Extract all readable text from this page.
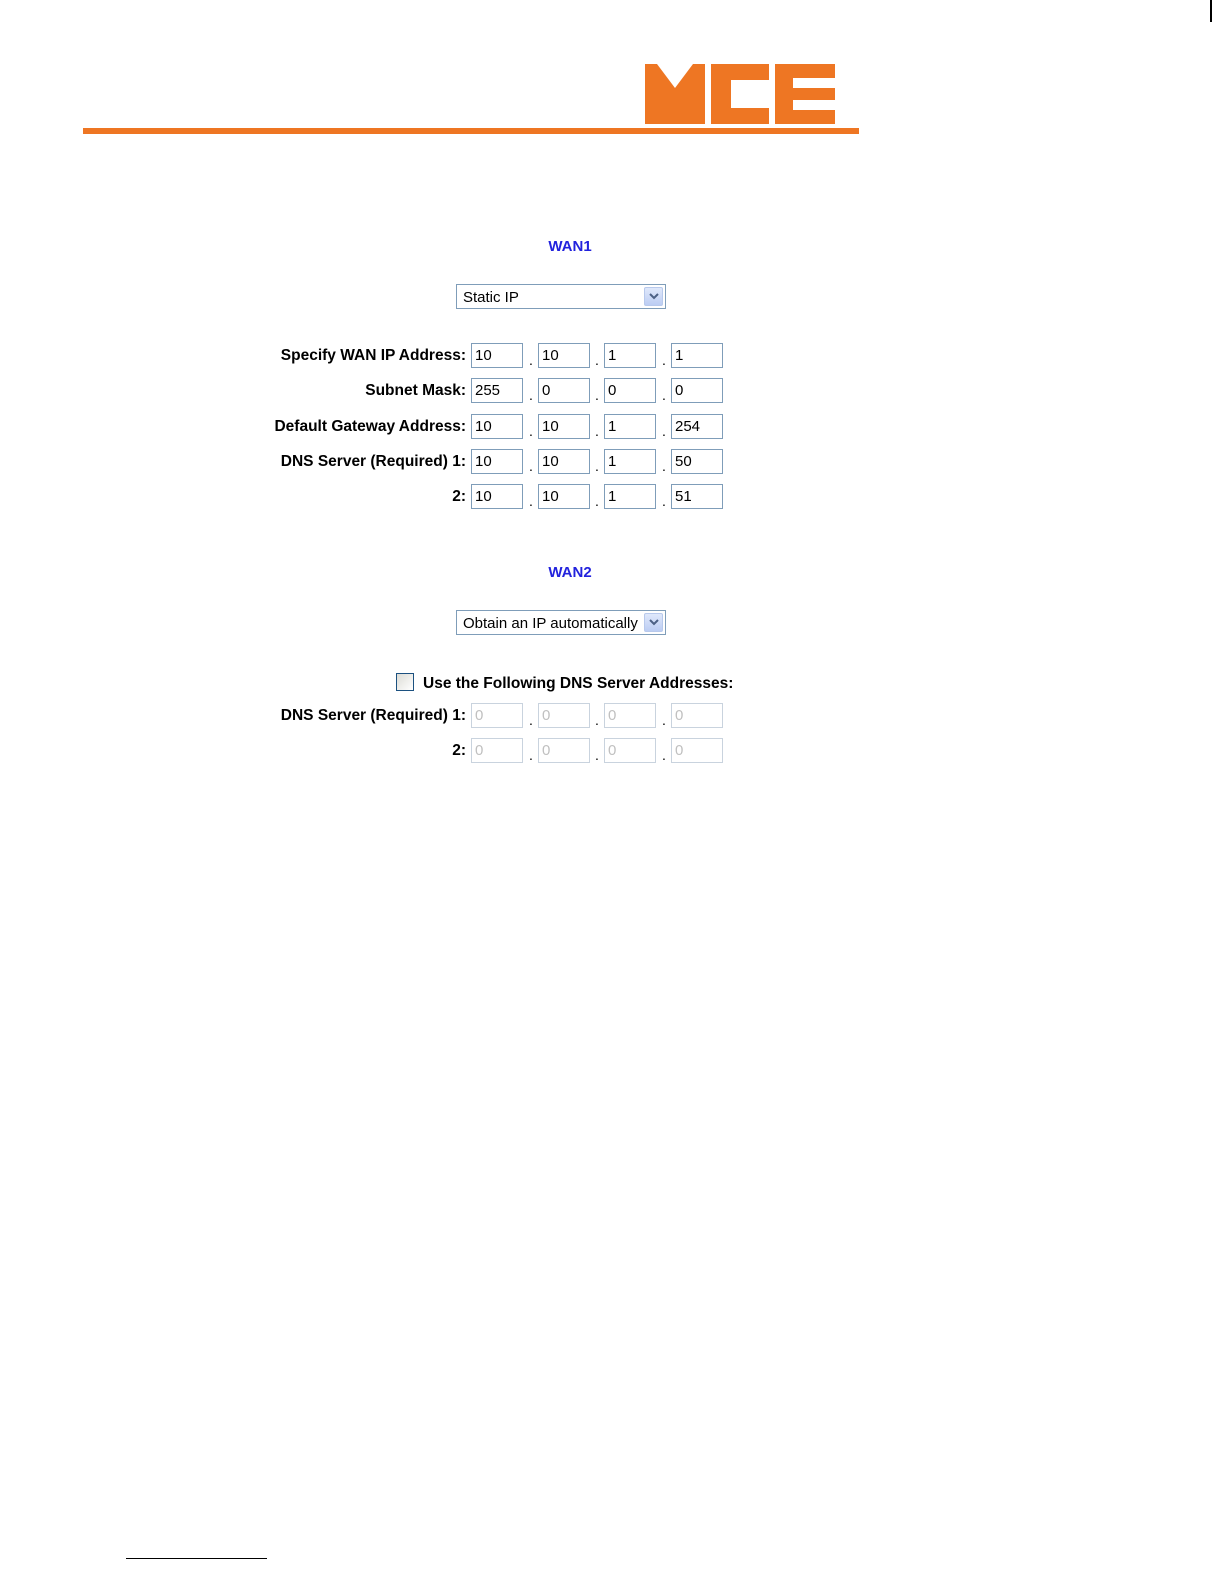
WAN1
Static IP
Specify WAN IP Address: 10	. 10	. 1	. 1
Subnet Mask: 255	. 0	. 0	. 0
Default Gateway Address: 10	. 10	. 1	. 254
DNS Server (Required) 1: 10	. 10	. 1	. 50
2: 10	. 10	. 1	. 51
WAN2
Obtain an IP automatically
Use the Following DNS Server Addresses:
DNS Server (Required) 1: 0	. 0	. 0	. 0
2: 0	. 0	. 0	. 0
